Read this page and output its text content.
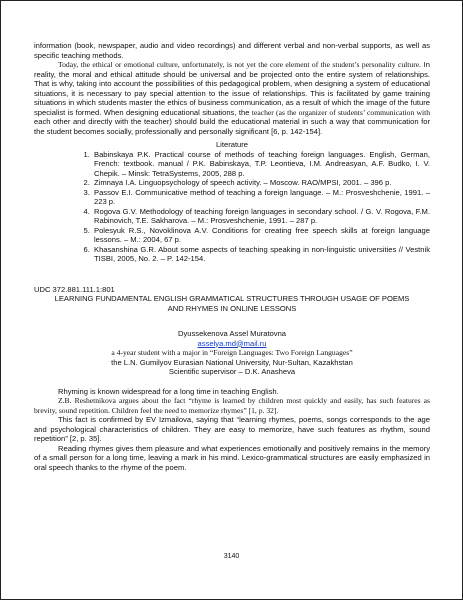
information (book, newspaper, audio and video recordings) and different verbal and non-verbal supports, as well as specific teaching methods.

Today, the ethical or emotional culture, unfortunately, is not yet the core element of the student’s personality culture. In reality, the moral and ethical attitude should be universal and be projected onto the entire system of relationships. That is why, taking into account the possibilities of this pedagogical problem, when designing a system of educational situations, it is necessary to pay special attention to the issue of relationships. This is facilitated by game training situations in which students master the ethics of business communication, as a result of which the image of the future specialist is formed. When designing educational situations, the teacher (as the organizer of students’ communication with each other and directly with the teacher) should build the educational material in such a way that communication for the student becomes socially, professionally and personally significant [6, p. 142-154].

Literature

1. Babinskaya P.K. Practical course of methods of teaching foreign languages. English, German, French: textbook. manual / P.K. Babinskaya, T.P. Leontieva, I.M. Andreasyan, A.F. Budko, I. V. Chepik. – Minsk: TetraSystems, 2005, 288 p.
2. Zimnaya I.A. Linguopsychology of speech activity. – Moscow. RAO/MPSI, 2001. – 396 p.
3. Passov E.I. Communicative method of teaching a foreign language. – M.: Prosveshchenie, 1991. – 223 p.
4. Rogova G.V. Methodology of teaching foreign languages in secondary school. / G. V. Rogova, F.M. Rabinovich, T.E. Sakharova. – M.: Prosveshchenie, 1991. – 287 p.
5. Polesyuk R.S., Novoklinova A.V. Conditions for creating free speech skills at foreign language lessons. – M.: 2004, 67 p.
6. Khasanshina G.R. About some aspects of teaching speaking in non-linguistic universities // Vestnik TISBI, 2005, No. 2. – P. 142-154.

UDC 372.881.111.1:801

LEARNING FUNDAMENTAL ENGLISH GRAMMATICAL STRUCTURES THROUGH USAGE OF POEMS AND RHYMES IN ONLINE LESSONS

Dyussekenova Assel Muratovna

asselya.md@mail.ru

a 4-year student with a major in “Foreign Languages: Two Foreign Languages”

the L.N. Gumilyov Eurasian National University, Nur-Sultan, Kazakhstan

Scientific supervisor – D.K. Anasheva

Rhyming is known widespread for a long time in teaching English.

Z.B. Reshetnikova argues about the fact “rhyme is learned by children most quickly and easily, has such features as brevity, sound repetition. Children feel the need to memorize rhymes” [1, p. 32].

This fact is confirmed by EV Izmailova, saying that “learning rhymes, poems, songs corresponds to the age and psychological characteristics of children. They are easy to memorize, have such features as rhythm, sound repetition” [2, p. 35].

Reading rhymes gives them pleasure and what experiences emotionally and positively remains in the memory of a small person for a long time, leaving a mark in his mind. Lexico-grammatical structures are easily emphasized in oral speech thanks to the rhyme of the poem.

3140
